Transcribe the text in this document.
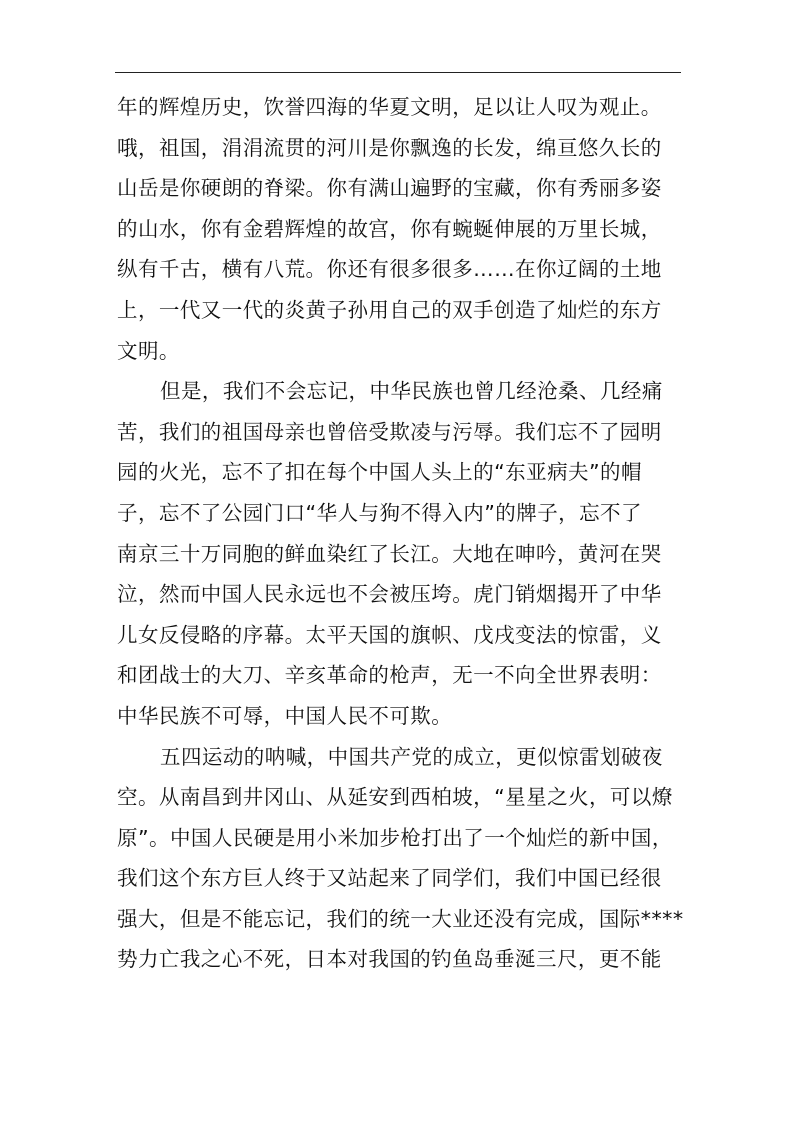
年的辉煌历史，饮誉四海的华夏文明，足以让人叹为观止。
哦，祖国，涓涓流贯的河川是你飘逸的长发，绵亘悠久长的
山岳是你硬朗的脊梁。你有满山遍野的宝藏，你有秀丽多姿
的山水，你有金碧辉煌的故宫，你有蜿蜒伸展的万里长城，
纵有千古，横有八荒。你还有很多很多……在你辽阔的土地
上，一代又一代的炎黄子孙用自己的双手创造了灿烂的东方
文明。
但是，我们不会忘记，中华民族也曾几经沧桑、几经痛
苦，我们的祖国母亲也曾倍受欺凌与污辱。我们忘不了园明
园的火光，忘不了扣在每个中国人头上的“东亚病夫”的帽
子，忘不了公园门口“华人与狗不得入内”的牌子，忘不了
南京三十万同胞的鲜血染红了长江。大地在呻吟，黄河在哭
泣，然而中国人民永远也不会被压垮。虎门销烟揭开了中华
儿女反侵略的序幕。太平天国的旗帜、戊戌变法的惊雷，义
和团战士的大刀、辛亥革命的枪声，无一不向全世界表明：
中华民族不可辱，中国人民不可欺。
五四运动的呐喊，中国共产党的成立，更似惊雷划破夜
空。从南昌到井冈山、从延安到西柏坡，“星星之火，可以燎
原”。中国人民硬是用小米加步枪打出了一个灿烂的新中国，
我们这个东方巨人终于又站起来了同学们，我们中国已经很
强大，但是不能忘记，我们的统一大业还没有完成，国际****
势力亡我之心不死，日本对我国的钓鱼岛垂涎三尺，更不能
